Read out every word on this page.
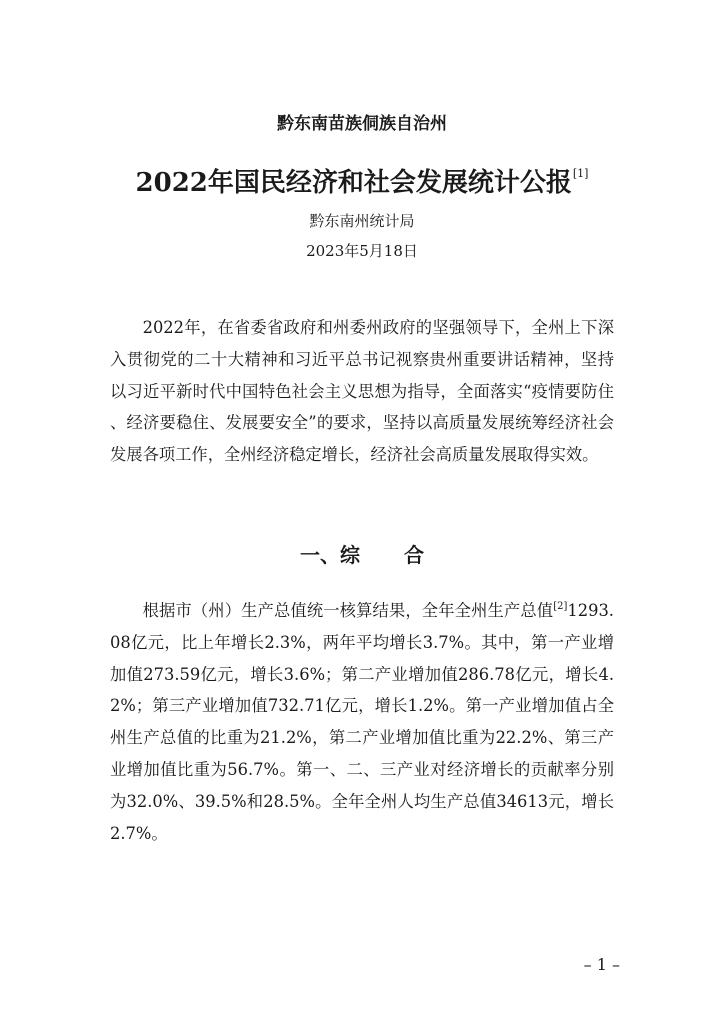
黔东南苗族侗族自治州
2022年国民经济和社会发展统计公报[1]
黔东南州统计局
2023年5月18日

2022年，在省委省政府和州委州政府的坚强领导下，全州上下深入贯彻党的二十大精神和习近平总书记视察贵州重要讲话精神，坚持以习近平新时代中国特色社会主义思想为指导，全面落实“疫情要防住、经济要稳住、发展要安全”的要求，坚持以高质量发展统筹经济社会发展各项工作，全州经济稳定增长，经济社会高质量发展取得实效。

一、综 合

根据市（州）生产总值统一核算结果，全年全州生产总值[2]1293.08亿元，比上年增长2.3%，两年平均增长3.7%。其中，第一产业增加值273.59亿元，增长3.6%；第二产业增加值286.78亿元，增长4.2%；第三产业增加值732.71亿元，增长1.2%。第一产业增加值占全州生产总值的比重为21.2%，第二产业增加值比重为22.2%、第三产业增加值比重为56.7%。第一、二、三产业对经济增长的贡献率分别为32.0%、39.5%和28.5%。全年全州人均生产总值34613元，增长2.7%。

– 1 –
